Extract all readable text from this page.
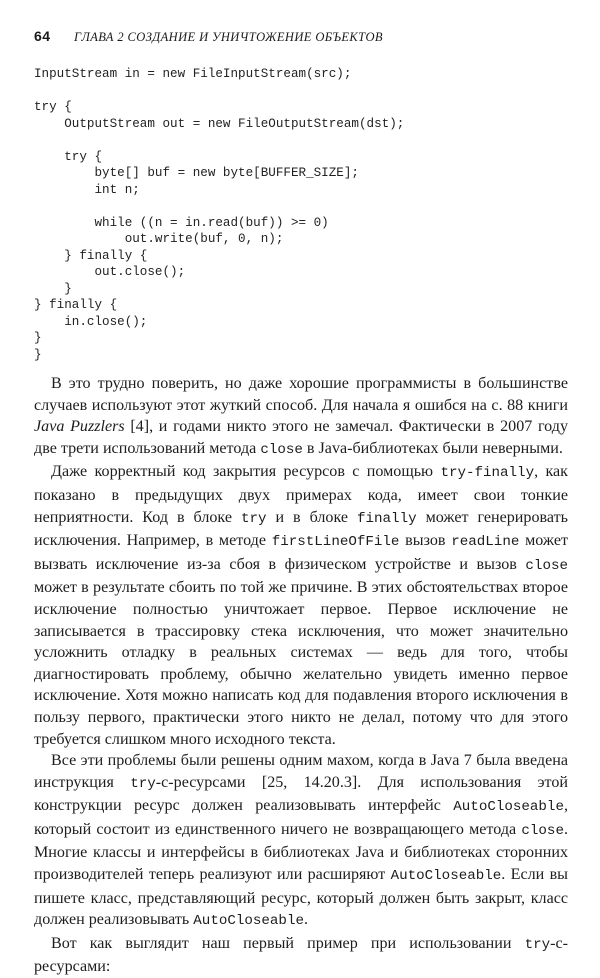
64	ГЛАВА 2 СОЗДАНИЕ И УНИЧТОЖЕНИЕ ОБЪЕКТОВ
InputStream in = new FileInputStream(src);
try {
OutputStream out = new FileOutputStream(dst);
try {
byte[] buf = new byte[BUFFER_SIZE];
int n;
while ((n = in.read(buf)) >= 0)
out.write(buf, 0, n);
} finally {
out.close();
}
} finally {
in.close();
}
}

В это трудно поверить, но даже хорошие программисты в большинстве случаев используют этот жуткий способ. Для начала я ошибся на с. 88 книги Java Puzzlers [4], и годами никто этого не замечал. Фактически в 2007 году две трети использований метода close в Java-библиотеках были неверными.

Даже корректный код закрытия ресурсов с помощью try-finally, как показано в предыдущих двух примерах кода, имеет свои тонкие неприятности. Код в блоке try и в блоке finally может генерировать исключения. Например, в методе firstLineOfFile вызов readLine может вызвать исключение из-за сбоя в физическом устройстве и вызов close может в результате сбоить по той же причине. В этих обстоятельствах второе исключение полностью уничтожает первое. Первое исключение не записывается в трассировку стека исключения, что может значительно усложнить отладку в реальных системах — ведь для того, чтобы диагностировать проблему, обычно желательно увидеть именно первое исключение. Хотя можно написать код для подавления второго исключения в пользу первого, практически этого никто не делал, потому что для этого требуется слишком много исходного текста.

Все эти проблемы были решены одним махом, когда в Java 7 была введена инструкция try-с-ресурсами [25, 14.20.3]. Для использования этой конструкции ресурс должен реализовывать интерфейс AutoCloseable, который состоит из единственного ничего не возвращающего метода close. Многие классы и интерфейсы в библиотеках Java и библиотеках сторонних производителей теперь реализуют или расширяют AutoCloseable. Если вы пишете класс, представляющий ресурс, который должен быть закрыт, класс должен реализовывать AutoCloseable.

Вот как выглядит наш первый пример при использовании try-с-ресурсами:
